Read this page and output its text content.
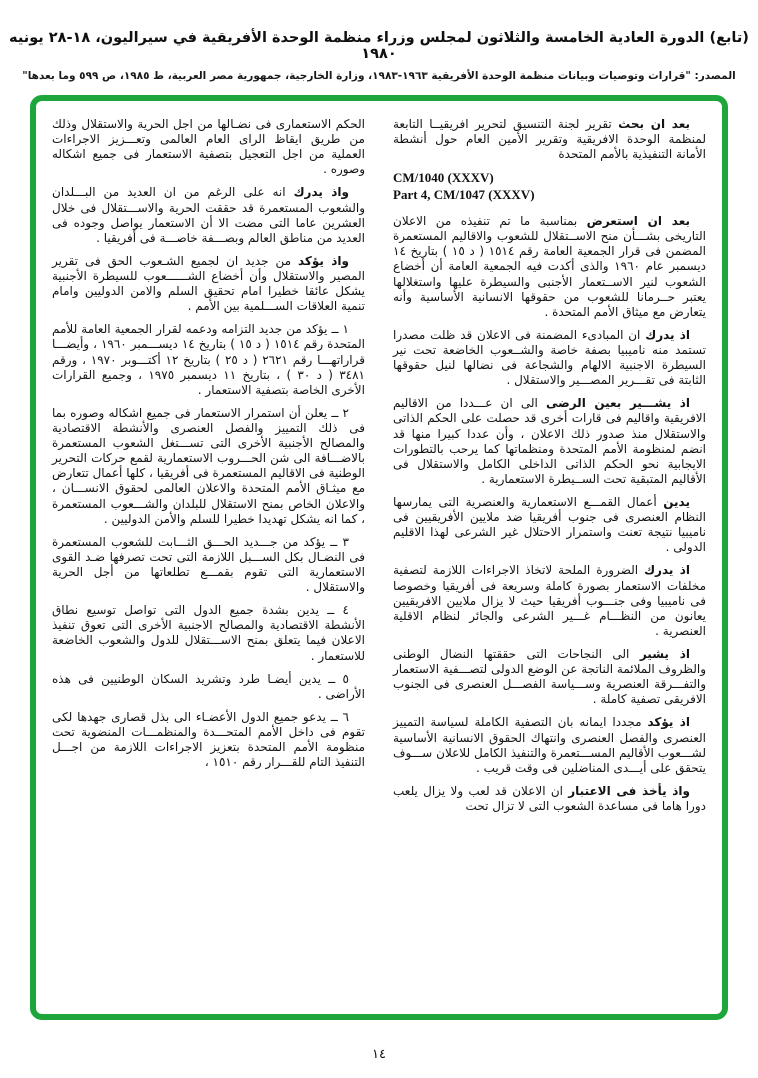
(تابع) الدورة العادية الخامسة والثلاثون لمجلس وزراء منظمة الوحدة الأفريقية في سيراليون، ١٨-٢٨ يونيه ١٩٨٠
المصدر: "قرارات وتوصيات وبيانات منظمة الوحدة الأفريقية ١٩٦٣-١٩٨٣، وزارة الخارجية، جمهورية مصر العربية، ط ١٩٨٥، ص ٥٩٩ وما بعدها"

بعد ان بحث تقرير لجنة التنسيق لتحرير افريقيــا التابعة لمنظمة الوحدة الافريقية وتقرير الأمين العام حول أنشطة الأمانة التنفيذية بالأمم المتحدة

CM/1040 (XXXV)
Part 4, CM/1047 (XXXV)

بعد ان استعرض بمناسبة ما تم تنفيذه من الاعلان التاريخى بشـــأن منح الاســتقلال للشعوب والاقاليم المستعمرة المضمن فى قرار الجمعية العامة رقم ١٥١٤ ( د ١٥ ) بتاريخ ١٤ ديسمبر عام ١٩٦٠ والذى أكدت فيه الجمعية العامة أن أخضاع الشعوب لنير الاســتعمار الأجنبى والسيطرة عليها واستغلالها يعتبر حــرمانا للشعوب من حقوقها الانسانية الأساسية وأنه يتعارض مع ميثاق الأمم المتحدة .

اذ يدرك ان المبادىء المضمنة فى الاعلان قد ظلت مصدرا تستمد منه ناميبيا بصفة خاصة والشــعوب الخاضعة تحت نير السيطرة الاجنبية الالهام والشجاعة فى نضالها لنيل حقوقها الثابتة فى تقـــرير المصـــير والاستقلال .

اذ يشـــير بعين الرضى الى ان عـــددا من الاقاليم الافريقية واقاليم فى قارات أخرى قد حصلت على الحكم الذاتى والاستقلال منذ صدور ذلك الاعلان ، وأن عددا كبيرا منها قد انضم لمنظومة الأمم المتحدة ومنظماتها كما يرحب بالتطورات الايجابية نحو الحكم الذاتى الداخلى الكامل والاستقلال فى الأقاليم المتبقية تحت الســيطرة الاستعمارية .

يدين أعمال القمـــع الاستعمارية والعنصرية التى يمارسها النظام العنصرى فى جنوب أفريقيا ضد ملايين الأفريقيين فى ناميبيا نتيجة تعنت واستمرار الاحتلال غير الشرعى لهذا الاقليم الدولى .

اذ يدرك الضرورة الملحة لاتخاذ الاجراءات اللازمة لتصفية مخلفات الاستعمار بصورة كاملة وسريعة فى أفريقيا وخصوصا فى ناميبيا وفى جنـــوب أفريقيا حيث لا يزال ملايين الافريقيين يعانون من النظـــام غـــير الشرعى والجائر لنظام الاقلية العنصرية .

اذ يشير الى النجاحات التى حققتها النضال الوطنى والظروف الملائمة الناتجة عن الوضع الدولى لتصـــفية الاستعمار والتفـــرقة العنصرية وســـياسة الفصـــل العنصرى فى الجنوب الافريقى تصفية كاملة .

اذ يؤكد مجددا ايمانه بان التصفية الكاملة لسياسة التمييز العنصرى والفصل العنصرى وانتهاك الحقوق الانسانية الأساسية لشـــعوب الأقاليم المســـتعمرة والتنفيذ الكامل للاعلان ســـوف يتحقق على أيـــدى المناضلين فى وقت قريب .

واذ يأخذ فى الاعتبار ان الاعلان قد لعب ولا يزال يلعب دورا هاما فى مساعدة الشعوب التى لا تزال تحت

الحكم الاستعمارى فى نضـالها من اجل الحرية والاستقلال وذلك من طريق ايقاظ الراى العام العالمى وتعـــزيز الاجراءات العملية من اجل التعجيل بتصفية الاستعمار فى جميع اشكاله وصوره .

واذ يدرك انه على الرغم من ان العديد من البـــلدان والشعوب المستعمرة قد حققت الحرية والاســـتقلال فى خلال العشرين عاما التى مضت الا أن الاستعمار يواصل وجوده فى العديد من مناطق العالم وبصـــفة خاصـــة فى أفريقيا .

واذ يؤكد من جديد ان لجميع الشـعوب الحق فى تقرير المصير والاستقلال وأن أخضاع الشــــــعوب للسيطرة الأجنبية يشكل عائقا خطيرا امام تحقيق السلم والامن الدوليين وامام تنمية العلاقات الســـلمية بين الأمم .

١ ــ يؤكد من جديد التزامه ودعمه لقرار الجمعية العامة للأمم المتحدة رقم ١٥١٤ ( د ١٥ ) بتاريخ ١٤ ديســـمبر ١٩٦٠ ، وأيضـــا قراراتهـــا رقم ٢٦٢١ ( د ٢٥ ) بتاريخ ١٢ أكتـــوبر ١٩٧٠ ، ورقم ٣٤٨١ ( د ٣٠ ) ، بتاريخ ١١ ديسمبر ١٩٧٥ ، وجميع القرارات الأخرى الخاصة بتصفية الاستعمار .

٢ ــ يعلن أن استمرار الاستعمار فى جميع اشكاله وصوره بما فى ذلك التمييز والفصل العنصرى والأنشطة الاقتصادية والمصالح الأجنبية الأخرى التى تســـتغل الشعوب المستعمرة بالاضـــافة الى شن الحـــروب الاستعمارية لقمع حركات التحرير الوطنية فى الاقاليم المستعمرة فى أفريقيا ، كلها أعمال تتعارض مع ميثـاق الأمم المتحدة والاعلان العالمى لحقوق الانســـان ، والاعلان الخاص بمنح الاستقلال للبلدان والشـــعوب المستعمرة ، كما انه يشكل تهديدا خطيرا للسلم والأمن الدوليين .

٣ ــ يؤكد من جـــديد الحـــق الثـــابت للشعوب المستعمرة فى النضـال بكل الســـبل اللازمة التى تحت تصرفها ضـد القوى الاستعمارية التى تقوم بقمـــع تطلعاتها من أجل الحرية والاستقلال .

٤ ــ يدين بشدة جميع الدول التى تواصل توسيع نطاق الأنشطة الاقتصادية والمصالح الاجنبية الأخرى التى تعوق تنفيذ الاعلان فيما يتعلق بمنح الاســـتقلال للدول والشعوب الخاضعة للاستعمار .

٥ ــ يدين أيضـا طرد وتشريد السكان الوطنيين فى هذه الأراضى .

٦ ــ يدعو جميع الدول الأعضـاء الى بذل قصارى جهدها لكى تقوم فى داخل الأمم المتحـــدة والمنظمـــات المنضوية تحت منظومة الأمم المتحدة بتعزيز الاجراءات اللازمة من اجـــل التنفيذ التام للقـــرار رقم ١٥١٠ ،

١٤
